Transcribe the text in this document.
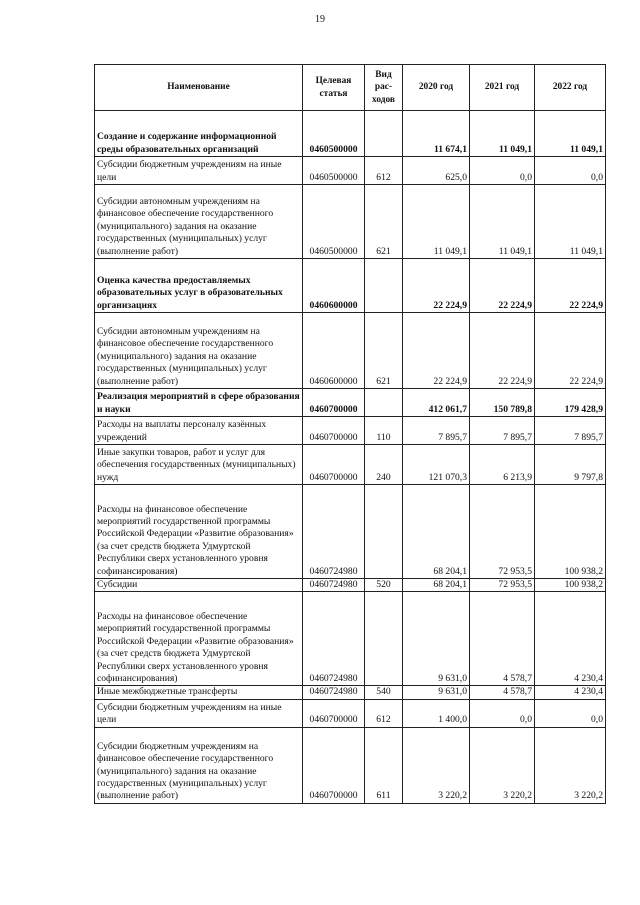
19
Наименование	Целевая статья	Вид рас-ходов	2020 год	2021 год	2022 год
Создание и содержание информационной среды образовательных организаций	0460500000		11 674,1	11 049,1	11 049,1
Субсидии бюджетным учреждениям на иные цели	0460500000	612	625,0	0,0	0,0
Субсидии автономным учреждениям на финансовое обеспечение государственного (муниципального) задания на оказание государственных (муниципальных) услуг (выполнение работ)	0460500000	621	11 049,1	11 049,1	11 049,1
Оценка качества предоставляемых образовательных услуг в образовательных организациях	0460600000		22 224,9	22 224,9	22 224,9
Субсидии автономным учреждениям на финансовое обеспечение государственного (муниципального) задания на оказание государственных (муниципальных) услуг (выполнение работ)	0460600000	621	22 224,9	22 224,9	22 224,9
Реализация мероприятий в сфере образования и науки	0460700000		412 061,7	150 789,8	179 428,9
Расходы на выплаты персоналу казённых учреждений	0460700000	110	7 895,7	7 895,7	7 895,7
Иные закупки товаров, работ и услуг для обеспечения государственных (муниципальных) нужд	0460700000	240	121 070,3	6 213,9	9 797,8
Расходы на финансовое обеспечение мероприятий государственной программы Российской Федерации «Развитие образования» (за счет средств бюджета Удмуртской Республики сверх установленного уровня софинансирования)	0460724980		68 204,1	72 953,5	100 938,2
Субсидии	0460724980	520	68 204,1	72 953,5	100 938,2
Расходы на финансовое обеспечение мероприятий государственной программы Российской Федерации «Развитие образования» (за счет средств бюджета Удмуртской Республики сверх установленного уровня софинансирования)	0460724980		9 631,0	4 578,7	4 230,4
Иные межбюджетные трансферты	0460724980	540	9 631,0	4 578,7	4 230,4
Субсидии бюджетным учреждениям на иные цели	0460700000	612	1 400,0	0,0	0,0
Субсидии бюджетным учреждениям на финансовое обеспечение государственного (муниципального) задания на оказание государственных (муниципальных) услуг (выполнение работ)	0460700000	611	3 220,2	3 220,2	3 220,2
